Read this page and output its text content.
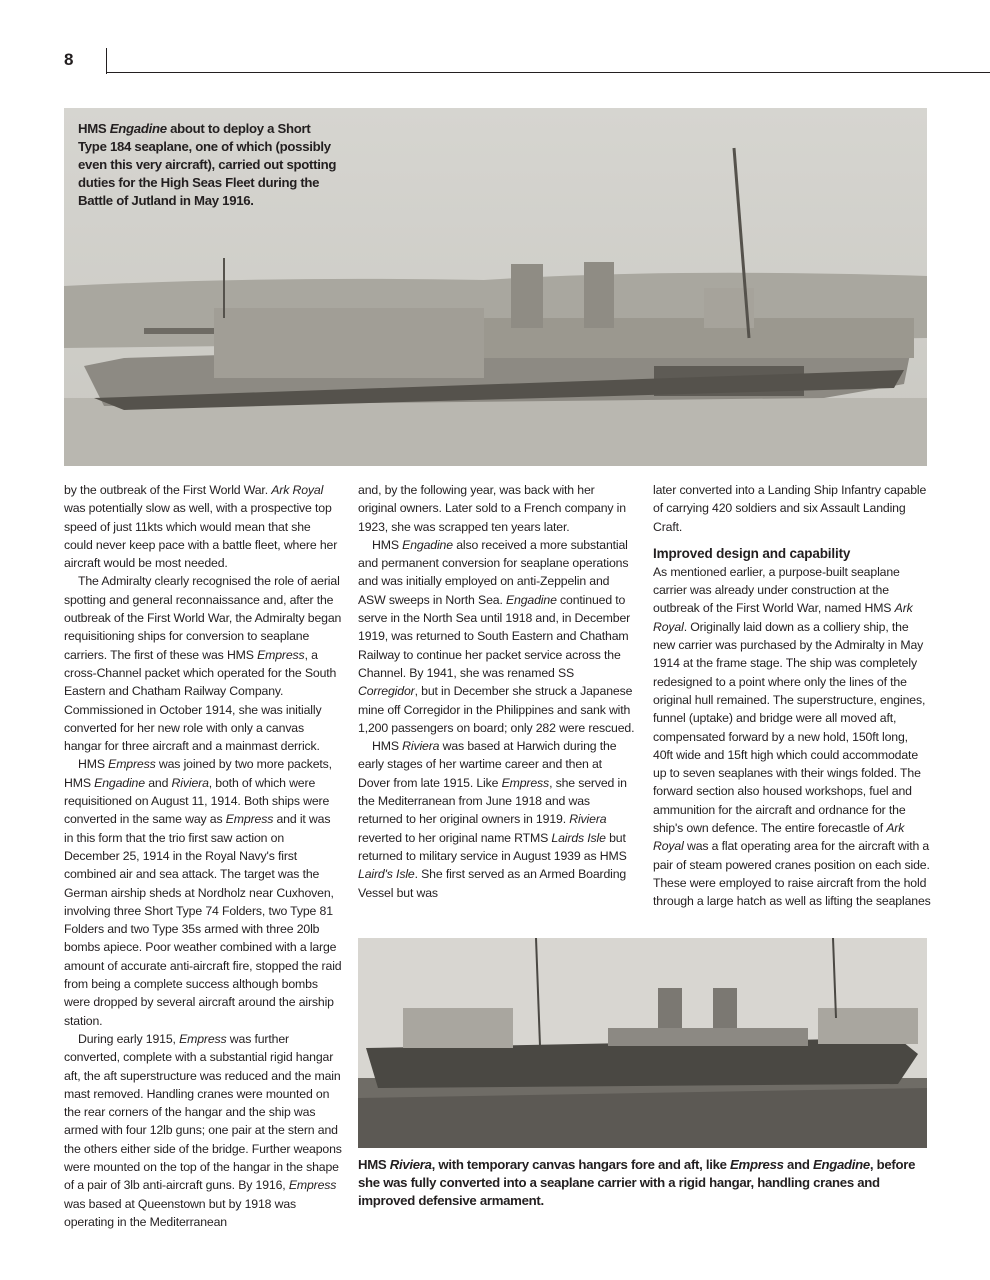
8
HMS Engadine about to deploy a Short Type 184 seaplane, one of which (possibly even this very aircraft), carried out spotting duties for the High Seas Fleet during the Battle of Jutland in May 1916.

by the outbreak of the First World War. Ark Royal was potentially slow as well, with a prospective top speed of just 11kts which would mean that she could never keep pace with a battle fleet, where her aircraft would be most needed.

The Admiralty clearly recognised the role of aerial spotting and general reconnaissance and, after the outbreak of the First World War, the Admiralty began requisitioning ships for conversion to seaplane carriers. The first of these was HMS Empress, a cross-Channel packet which operated for the South Eastern and Chatham Railway Company. Commissioned in October 1914, she was initially converted for her new role with only a canvas hangar for three aircraft and a mainmast derrick.

HMS Empress was joined by two more packets, HMS Engadine and Riviera, both of which were requisitioned on August 11, 1914. Both ships were converted in the same way as Empress and it was in this form that the trio first saw action on December 25, 1914 in the Royal Navy's first combined air and sea attack. The target was the German airship sheds at Nordholz near Cuxhoven, involving three Short Type 74 Folders, two Type 81 Folders and two Type 35s armed with three 20lb bombs apiece. Poor weather combined with a large amount of accurate anti-aircraft fire, stopped the raid from being a complete success although bombs were dropped by several aircraft around the airship station.

During early 1915, Empress was further converted, complete with a substantial rigid hangar aft, the aft superstructure was reduced and the main mast removed. Handling cranes were mounted on the rear corners of the hangar and the ship was armed with four 12lb guns; one pair at the stern and the others either side of the bridge. Further weapons were mounted on the top of the hangar in the shape of a pair of 3lb anti-aircraft guns. By 1916, Empress was based at Queenstown but by 1918 was operating in the Mediterranean

and, by the following year, was back with her original owners. Later sold to a French company in 1923, she was scrapped ten years later.

HMS Engadine also received a more substantial and permanent conversion for seaplane operations and was initially employed on anti-Zeppelin and ASW sweeps in North Sea. Engadine continued to serve in the North Sea until 1918 and, in December 1919, was returned to South Eastern and Chatham Railway to continue her packet service across the Channel. By 1941, she was renamed SS Corregidor, but in December she struck a Japanese mine off Corregidor in the Philippines and sank with 1,200 passengers on board; only 282 were rescued.

HMS Riviera was based at Harwich during the early stages of her wartime career and then at Dover from late 1915. Like Empress, she served in the Mediterranean from June 1918 and was returned to her original owners in 1919. Riviera reverted to her original name RTMS Lairds Isle but returned to military service in August 1939 as HMS Laird's Isle. She first served as an Armed Boarding Vessel but was

later converted into a Landing Ship Infantry capable of carrying 420 soldiers and six Assault Landing Craft.

Improved design and capability

As mentioned earlier, a purpose-built seaplane carrier was already under construction at the outbreak of the First World War, named HMS Ark Royal. Originally laid down as a colliery ship, the new carrier was purchased by the Admiralty in May 1914 at the frame stage. The ship was completely redesigned to a point where only the lines of the original hull remained. The superstructure, engines, funnel (uptake) and bridge were all moved aft, compensated forward by a new hold, 150ft long, 40ft wide and 15ft high which could accommodate up to seven seaplanes with their wings folded. The forward section also housed workshops, fuel and ammunition for the aircraft and ordnance for the ship's own defence. The entire forecastle of Ark Royal was a flat operating area for the aircraft with a pair of steam powered cranes position on each side. These were employed to raise aircraft from the hold through a large hatch as well as lifting the seaplanes

HMS Riviera, with temporary canvas hangars fore and aft, like Empress and Engadine, before she was fully converted into a seaplane carrier with a rigid hangar, handling cranes and improved defensive armament.
